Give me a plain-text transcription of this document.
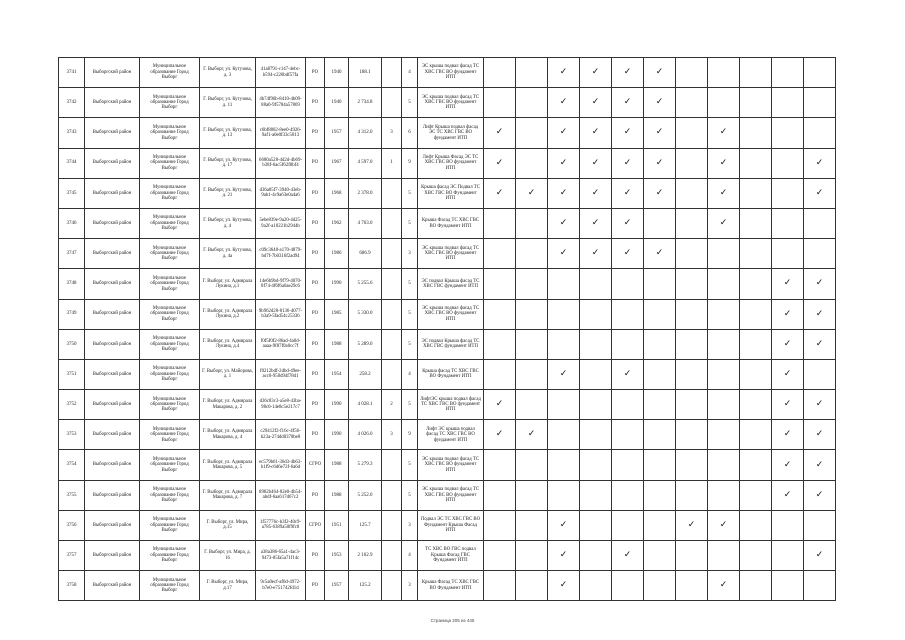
3741	Выборгский район	Муниципальное образование Город Выборг	Г. Выборг, ул. Кутузова, д. 3	41a8791-c147-4ebc-b594-c226bdf57fa	РО	1940	188.1		4	ЭС крыша подвал фасад ТС ХВС ГВС ВО фундамент ИТП			✓	✓	✓	✓					
3742	Выборгский район	Муниципальное образование Город Выборг	Г. Выборг, ул. Кутузова, д. 11	4b74f96b-8410-4b09-88a0-9f5784a57869	РО	1940	2 734.8		5	ЭС крыша подвал фасад ТС ХВС ГВС ВО фундамент ИТП			✓	✓	✓	✓					
3743	Выборгский район	Муниципальное образование Город Выборг	Г. Выборг, ул. Кутузова, д. 13	c6bf8802-8ee0-4926-9af1-a0e0f33c5813	РО	1957	4 312.0	3	6	Лифт Крыша подвал фасад ЭС ТС ХВС ГВС ВО фундамент ИТП	✓		✓	✓	✓	✓		✓			
3744	Выборгский район	Муниципальное образование Город Выборг	Г. Выборг, ул. Кутузова, д. 17	6680a528-4d2d-4b69-b38f-6ac5f62f8bf4	РО	1967	4 597.0	1	9	Лифт Крыша Фасад ЭС ТС ХВС ГВС ВО фундамент ИТП	✓		✓	✓	✓	✓		✓			✓
3745	Выборгский район	Муниципальное образование Город Выборг	Г. Выборг, ул. Кутузова, д. 21	d36a05f7-3940-43eb-9ab1-4c9a63e0a4a6	РО	1968	2 378.0		5	Крыша фасад ЭС Подвал ТС ХВС ГВС ВО Фундамент ИТП	✓	✓	✓	✓	✓	✓		✓			✓
3746	Выборгский район	Муниципальное образование Город Выборг	Г. Выборг, ул. Кутузова, д. 4	5ebe839e-9a20-4d25-9a2f-a10221b2944b	РО	1962	4 763.0		5	Крыша Фасад ТС ХВС ГВС ВО Фундамент ИТП			✓	✓	✓			✓			
3747	Выборгский район	Муниципальное образование Город Выборг	Г. Выборг, ул. Кутузова, д. 4а	c09c3648-a170-4879-bd7f-7b0316f2ad94	РО	1986	686.9		3	ЭС крыша подвал фасад ТС ХВС ГВС ВО фундамент ИТП			✓	✓	✓	✓					
3748	Выборгский район	Муниципальное образование Город Выборг	Г. Выборг, ул. Адмирала Лукина, д.1	14e6b9bd-9f79-4070-8f74-4f6f6a0ae29c6	РО	1990	5 255.6		5	ЭС подвал Крыша фасад ТС ХВС ГВС фундамент ИТП										✓	✓
3749	Выборгский район	Муниципальное образование Город Выборг	Г. Выборг, ул. Адмирала Лукина, д.2	9b962d28-8136-4077-b3a9-5fad54c25336	РО	1985	5 330.0		5	ЭС крыша подвал фасад ТС ХВС ГВС ВО фундамент ИТП										✓	✓
3750	Выборгский район	Муниципальное образование Город Выборг	Г. Выборг, ул. Адмирала Лукина, д.4	f0f5f0f2-86ad-4a0d-aaaa-9f87f0a0cc7f	РО	1988	5 289.0		5	ЭС подвал Крыша фасад ТС ХВС ГВС фундамент ИТП										✓	✓
3751	Выборгский район	Муниципальное образование Город Выборг	Г. Выборг, ул. Майорова, д. 1	f0212bdf-2dbd-49ee-acc0-950d94f78d1	РО	1954	258.2		4	Крыша фасад ТС ХВС ГВС ВО Фундамент ИТП			✓		✓					✓	
3752	Выборгский район	Муниципальное образование Город Выборг	Г. Выборг, ул. Адмирала Макарова, д. 2	d36c83c3-a5e8-43ba-98c0-14e8c5e217c7	РО	1990	4 028.1	2	5	ЛифтЭС крыша подвал фасад ТС ХВС ГВС ВО фундамент ИТП	✓									✓	✓
3753	Выборгский район	Муниципальное образование Город Выборг	Г. Выборг, ул. Адмирала Макарова, д. 4	c29412f2-f16c-4f56-b23a-274dd0370be8	РО	1990	4 026.0	3	9	Лифт ЭС крыша подвал фасад ТС ХВС ГВС ВО фундамент ИТП	✓	✓								✓	✓
3754	Выборгский район	Муниципальное образование Город Выборг	Г. Выборг, ул. Адмирала Макарова, д. 5	ec579b61-36d3-4b63-b1f9-c6d6e72f-6a6d	СГРО	1988	5 279.3		5	ЭС крыша подвал фасад ТС ХВС ГВС ВО фундамент ИТП										✓	✓
3755	Выборгский район	Муниципальное образование Город Выборг	Г. Выборг, ул. Адмирала Макарова, д. 7	8982b464-82e0-4b54-abdf-6aa617d67c2	РО	1988	5 252.0		5	ЭС крыша подвал фасад ТС ХВС ГВС ВО фундамент ИТП										✓	✓
3756	Выборгский район	Муниципальное образование Город Выборг	Г. Выборг, ул. Мира, д.15	1f57776c-b3f2-40c9-a785-6389a50f9fc8	СГРО	1951	125.7		3	Подвал ЭС ТС ХВС ГВС ВО Фундамент Крыша Фасад ИТП			✓				✓	✓			
3757	Выборгский район	Муниципальное образование Город Выборг	Г. Выборг, ул. Мира, д. 16	a38a386-65a1-4ac3-9473-85fa5a71f14c	РО	1953	2 162.9		4	ТС ХВС ВО ГВС подвал Крыша Фасад ГВС Фундамент ИТП			✓		✓						✓
3758	Выборгский район	Муниципальное образование Город Выборг	Г. Выборг, ул. Мира, д.17	9c5a0ecf-af6d-4972-b7e0-e751742fd1d	РО	1957	125.2		3	Крыша Фасад ТС ХВС ГВС ВО Фундамент ИТП			✓					✓			
Страница 205 из 445
